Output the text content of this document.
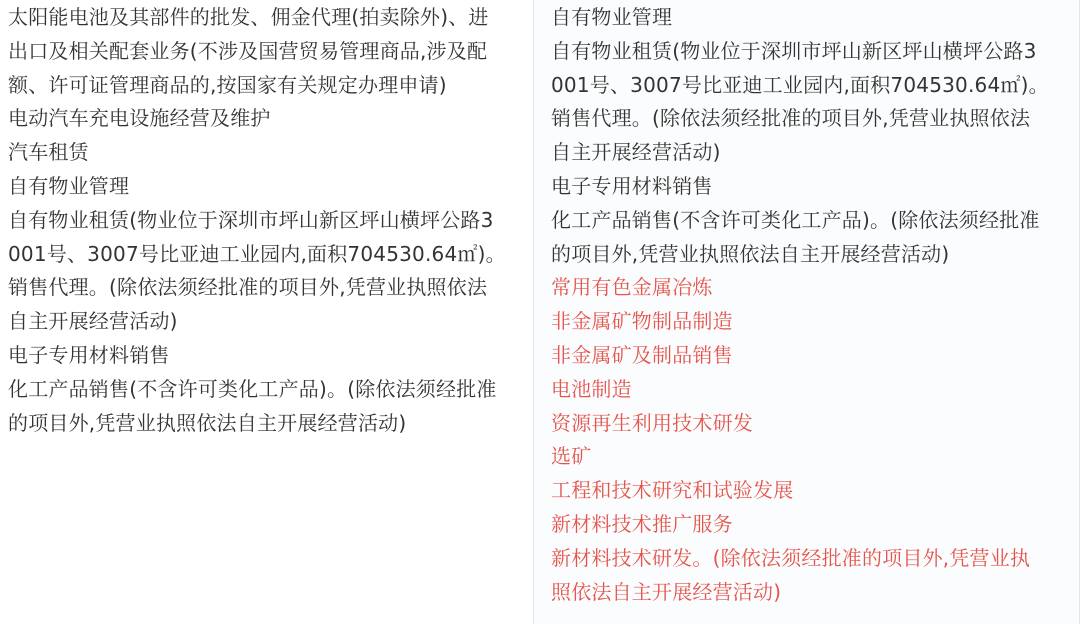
太阳能电池及其部件的批发、佣金代理(拍卖除外)、进
出口及相关配套业务(不涉及国营贸易管理商品,涉及配
额、许可证管理商品的,按国家有关规定办理申请)
电动汽车充电设施经营及维护
汽车租赁
自有物业管理
自有物业租赁(物业位于深圳市坪山新区坪山横坪公路3
001号、3007号比亚迪工业园内,面积704530.64㎡)。
销售代理。(除依法须经批准的项目外,凭营业执照依法
自主开展经营活动)
电子专用材料销售
化工产品销售(不含许可类化工产品)。(除依法须经批准
的项目外,凭营业执照依法自主开展经营活动)
自有物业管理
自有物业租赁(物业位于深圳市坪山新区坪山横坪公路3
001号、3007号比亚迪工业园内,面积704530.64㎡)。
销售代理。(除依法须经批准的项目外,凭营业执照依法
自主开展经营活动)
电子专用材料销售
化工产品销售(不含许可类化工产品)。(除依法须经批准
的项目外,凭营业执照依法自主开展经营活动)
常用有色金属冶炼
非金属矿物制品制造
非金属矿及制品销售
电池制造
资源再生利用技术研发
选矿
工程和技术研究和试验发展
新材料技术推广服务
新材料技术研发。(除依法须经批准的项目外,凭营业执
照依法自主开展经营活动)
